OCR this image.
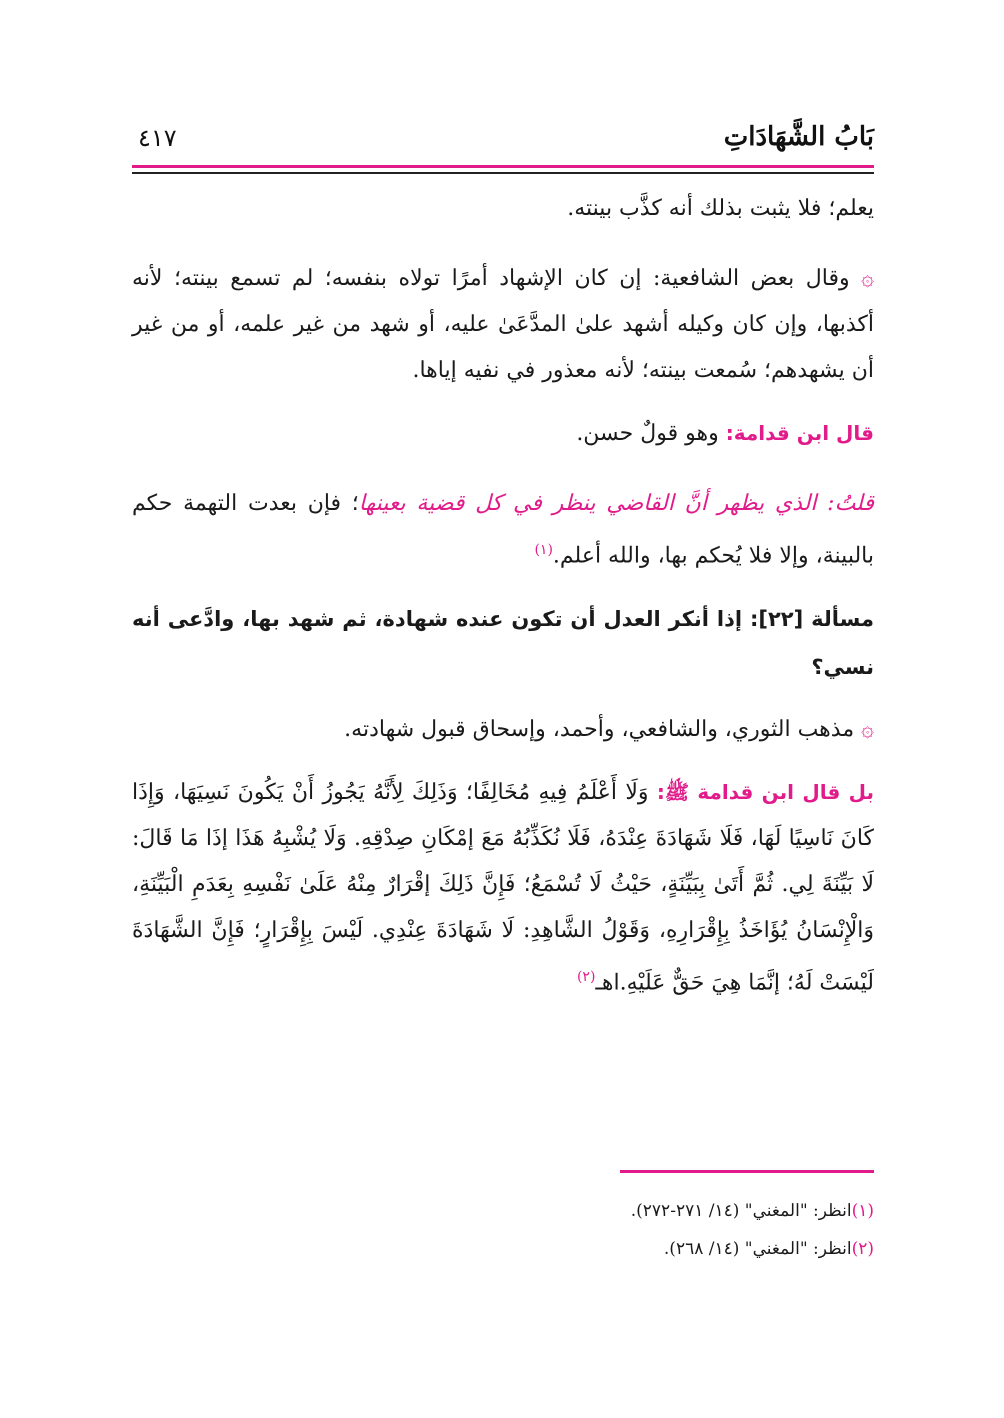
بَابُ الشَّهَادَاتِ
٤١٧

يعلم؛ فلا يثبت بذلك أنه كذَّب بينته.

۞ وقال بعض الشافعية: إن كان الإشهاد أمرًا تولاه بنفسه؛ لم تسمع بينته؛ لأنه أكذبها، وإن كان وكيله أشهد علىٰ المدَّعَىٰ عليه، أو شهد من غير علمه، أو من غير أن يشهدهم؛ سُمعت بينته؛ لأنه معذور في نفيه إياها.

قال ابن قدامة: وهو قولٌ حسن.

قلتُ: الذي يظهر أنَّ القاضي ينظر في كل قضية بعينها؛ فإن بعدت التهمة حكم بالبينة، وإلا فلا يُحكم بها، والله أعلم.$^{(١)}$

مسألة [٢٢]: إذا أنكر العدل أن تكون عنده شهادة، ثم شهد بها، وادَّعى أنه نسي؟

۞ مذهب الثوري، والشافعي، وأحمد، وإسحاق قبول شهادته.

بل قال ابن قدامة ﷺ: وَلَا أَعْلَمُ فِيهِ مُخَالِفًا؛ وَذَلِكَ لِأَنَّهُ يَجُوزُ أَنْ يَكُونَ نَسِيَهَا، وَإِذَا كَانَ نَاسِيًا لَهَا، فَلَا شَهَادَةَ عِنْدَهُ، فَلَا نُكَذِّبُهُ مَعَ إمْكَانِ صِدْقِهِ. وَلَا يُشْبِهُ هَذَا إذَا مَا قَالَ: لَا بَيِّنَةَ لِي. ثُمَّ أَتَىٰ بِبَيِّنَةٍ، حَيْثُ لَا تُسْمَعُ؛ فَإِنَّ ذَلِكَ إقْرَارٌ مِنْهُ عَلَىٰ نَفْسِهِ بِعَدَمِ الْبَيِّنَةِ، وَالْإِنْسَانُ يُؤَاخَذُ بِإِقْرَارِهِ، وَقَوْلُ الشَّاهِدِ: لَا شَهَادَةَ عِنْدِي. لَيْسَ بِإِقْرَارٍ؛ فَإِنَّ الشَّهَادَةَ لَيْسَتْ لَهُ؛ إنَّمَا هِيَ حَقٌّ عَلَيْهِ.اهـ$^{(٢)}$

(١)انظر: "المغني" (١٤/ ٢٧١-٢٧٢).

(٢)انظر: "المغني" (١٤/ ٢٦٨).
